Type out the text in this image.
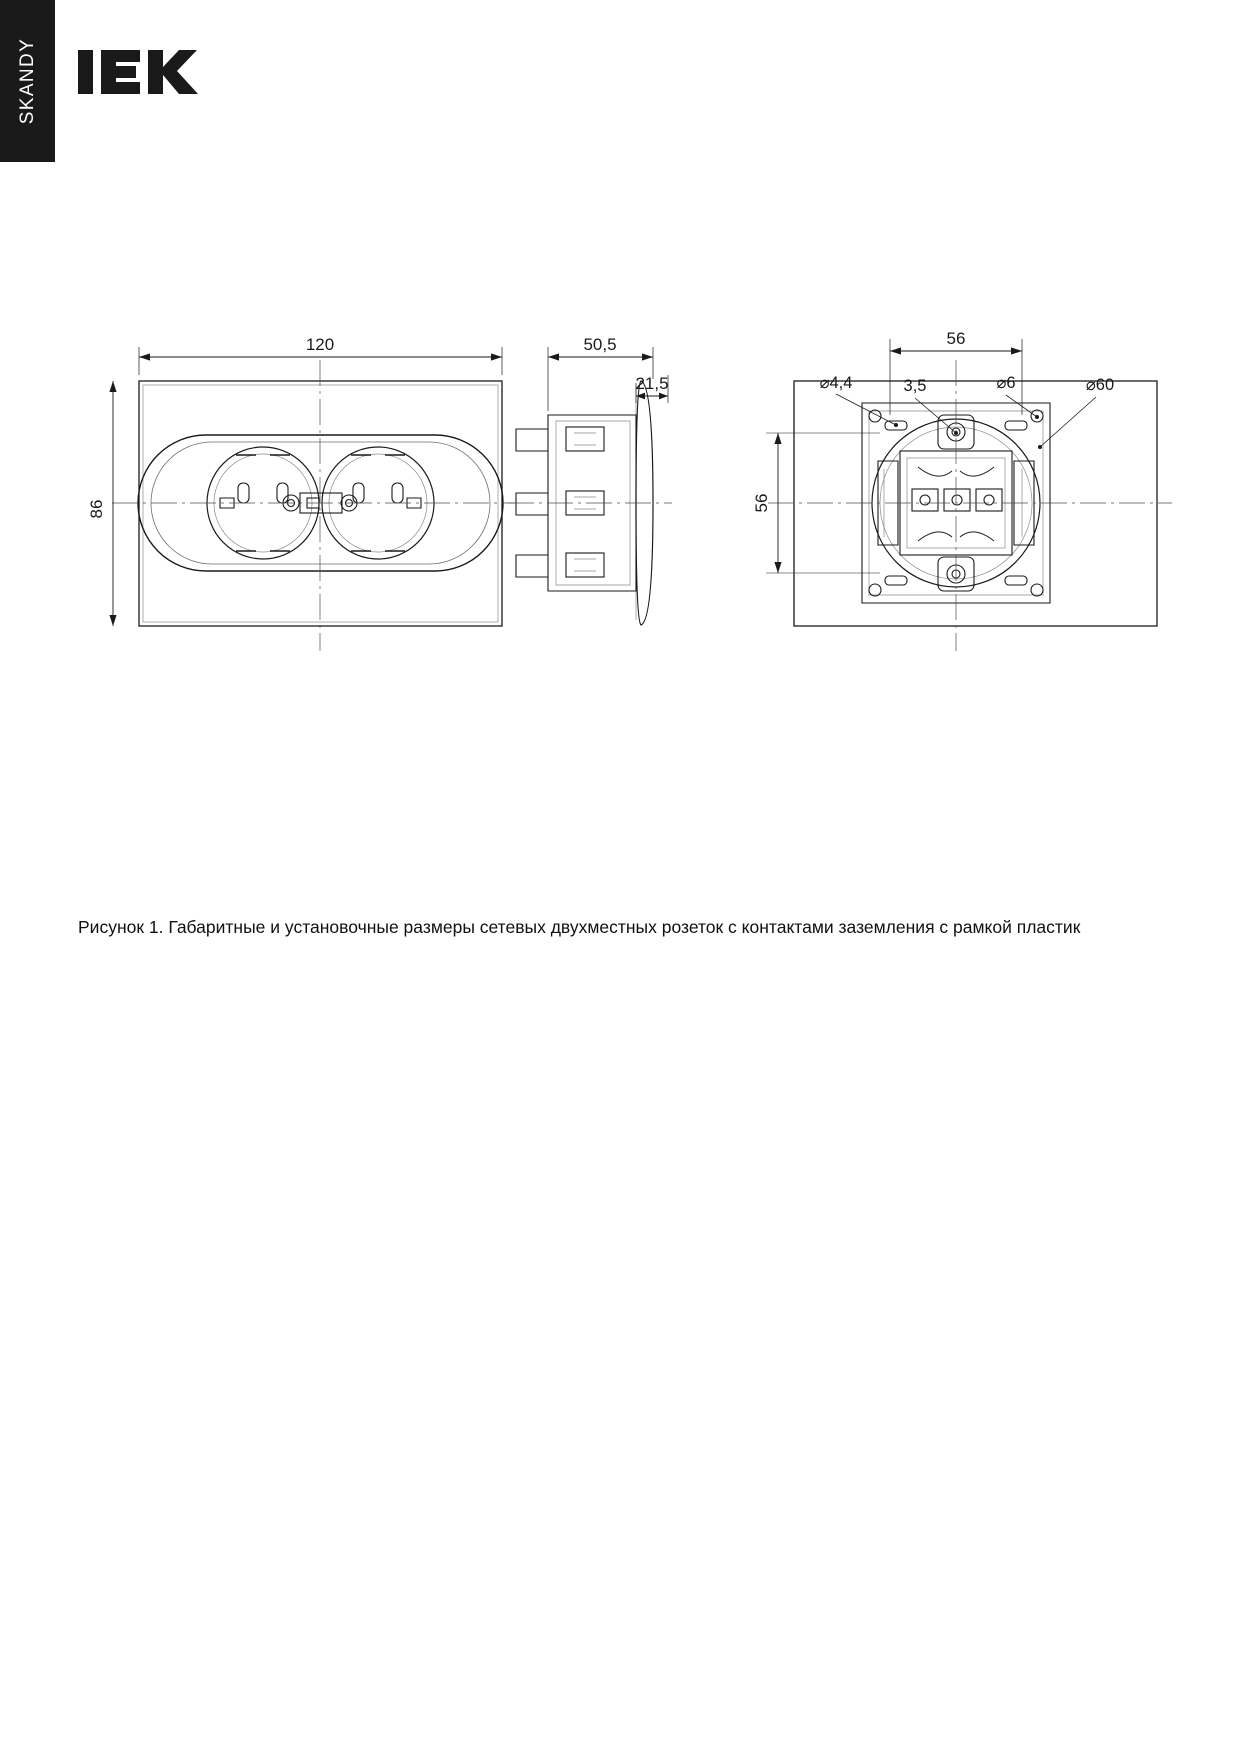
SKANDY
120
86
50,5
21,5
56
56
⌀4,4	3,5	⌀6	⌀60
Рисунок 1. Габаритные и установочные размеры сетевых двухместных розеток с контактами заземления с рамкой пластик
